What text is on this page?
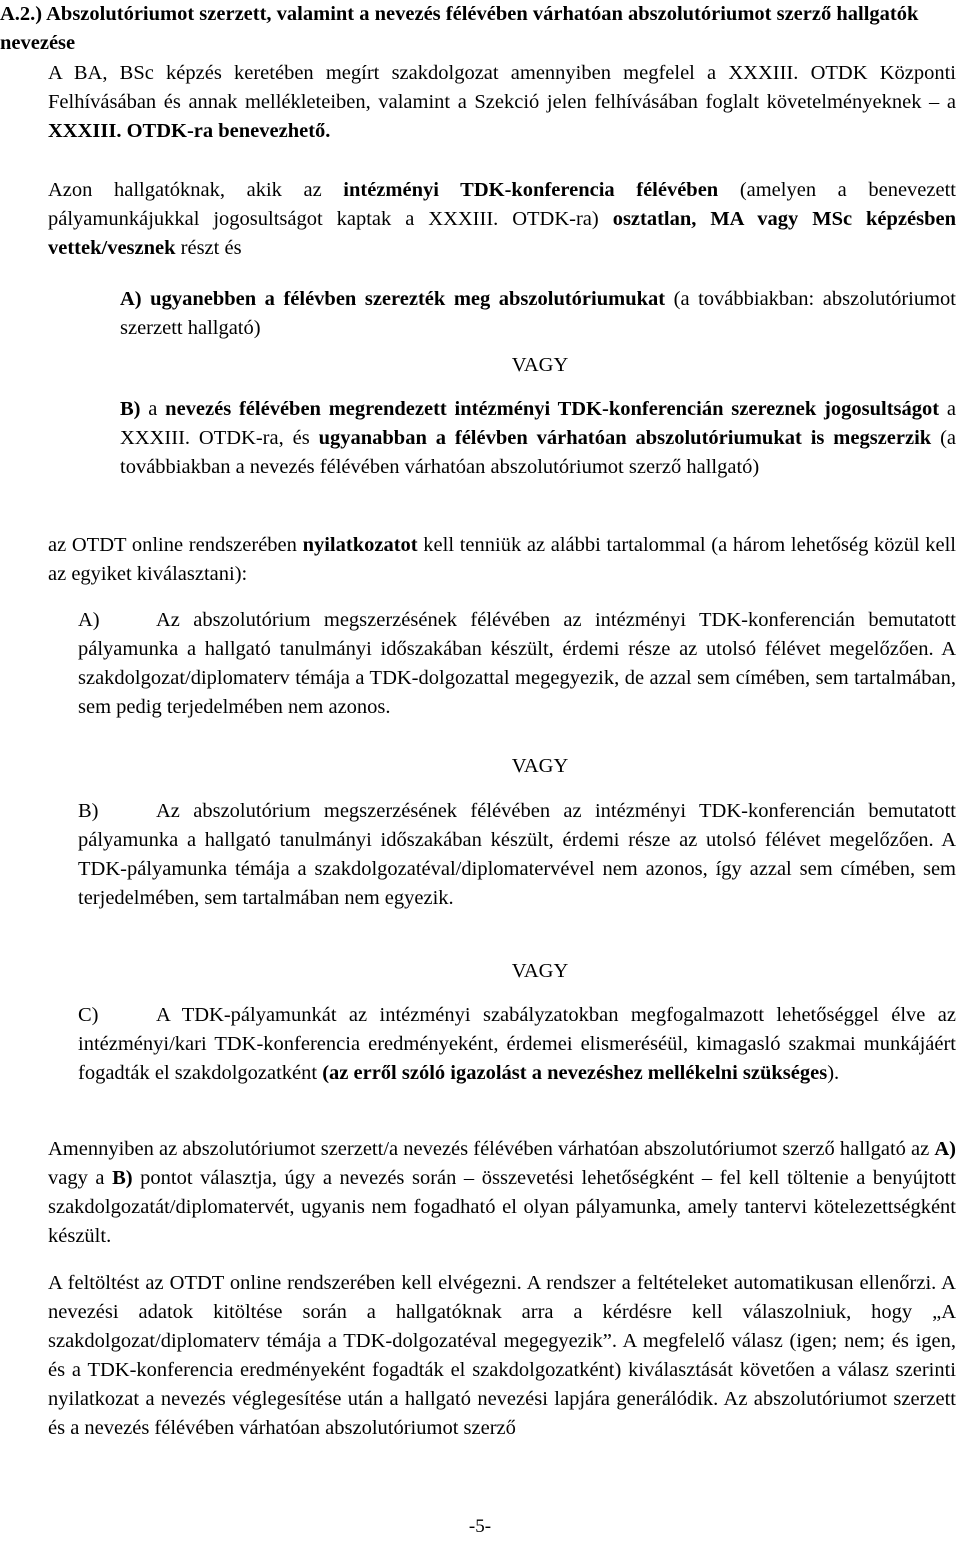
A.2.) Abszolutóriumot szerzett, valamint a nevezés félévében várhatóan abszolutóriumot szerző hallgatók nevezése

A BA, BSc képzés keretében megírt szakdolgozat amennyiben megfelel a XXXIII. OTDK Központi Felhívásában és annak mellékleteiben, valamint a Szekció jelen felhívásában foglalt követelményeknek – a XXXIII. OTDK-ra benevezhető.

Azon hallgatóknak, akik az intézményi TDK-konferencia félévében (amelyen a benevezett pályamunkájukkal jogosultságot kaptak a XXXIII. OTDK-ra) osztatlan, MA vagy MSc képzésben vettek/vesznek részt és

A) ugyanebben a félévben szerezték meg abszolutóriumukat (a továbbiakban: abszolutóriumot szerzett hallgató)

VAGY

B) a nevezés félévében megrendezett intézményi TDK-konferencián szereznek jogosultságot a XXXIII. OTDK-ra, és ugyanabban a félévben várhatóan abszolutóriumukat is megszerzik (a továbbiakban a nevezés félévében várhatóan abszolutóriumot szerző hallgató)

az OTDT online rendszerében nyilatkozatot kell tenniük az alábbi tartalommal (a három lehetőség közül kell az egyiket kiválasztani):

A)	Az abszolutórium megszerzésének félévében az intézményi TDK-konferencián bemutatott pályamunka a hallgató tanulmányi időszakában készült, érdemi része az utolsó félévet megelőzően. A szakdolgozat/diplomaterv témája a TDK-dolgozattal megegyezik, de azzal sem címében, sem tartalmában, sem pedig terjedelmében nem azonos.

VAGY

B)	Az abszolutórium megszerzésének félévében az intézményi TDK-konferencián bemutatott pályamunka a hallgató tanulmányi időszakában készült, érdemi része az utolsó félévet megelőzően. A TDK-pályamunka témája a szakdolgozatéval/diplomatervével nem azonos, így azzal sem címében, sem terjedelmében, sem tartalmában nem egyezik.

VAGY

C)	A TDK-pályamunkát az intézményi szabályzatokban megfogalmazott lehetőséggel élve az intézményi/kari TDK-konferencia eredményeként, érdemei elismeréséül, kimagasló szakmai munkájáért fogadták el szakdolgozatként (az erről szóló igazolást a nevezéshez mellékelni szükséges).

Amennyiben az abszolutóriumot szerzett/a nevezés félévében várhatóan abszolutóriumot szerző hallgató az A) vagy a B) pontot választja, úgy a nevezés során – összevetési lehetőségként – fel kell töltenie a benyújtott szakdolgozatát/diplomatervét, ugyanis nem fogadható el olyan pályamunka, amely tantervi kötelezettségként készült.

A feltöltést az OTDT online rendszerében kell elvégezni. A rendszer a feltételeket automatikusan ellenőrzi. A nevezési adatok kitöltése során a hallgatóknak arra a kérdésre kell válaszolniuk, hogy „A szakdolgozat/diplomaterv témája a TDK-dolgozatéval megegyezik”. A megfelelő válasz (igen; nem; és igen, és a TDK-konferencia eredményeként fogadták el szakdolgozatként) kiválasztását követően a válasz szerinti nyilatkozat a nevezés véglegesítése után a hallgató nevezési lapjára generálódik. Az abszolutóriumot szerzett és a nevezés félévében várhatóan abszolutóriumot szerző

-5-
